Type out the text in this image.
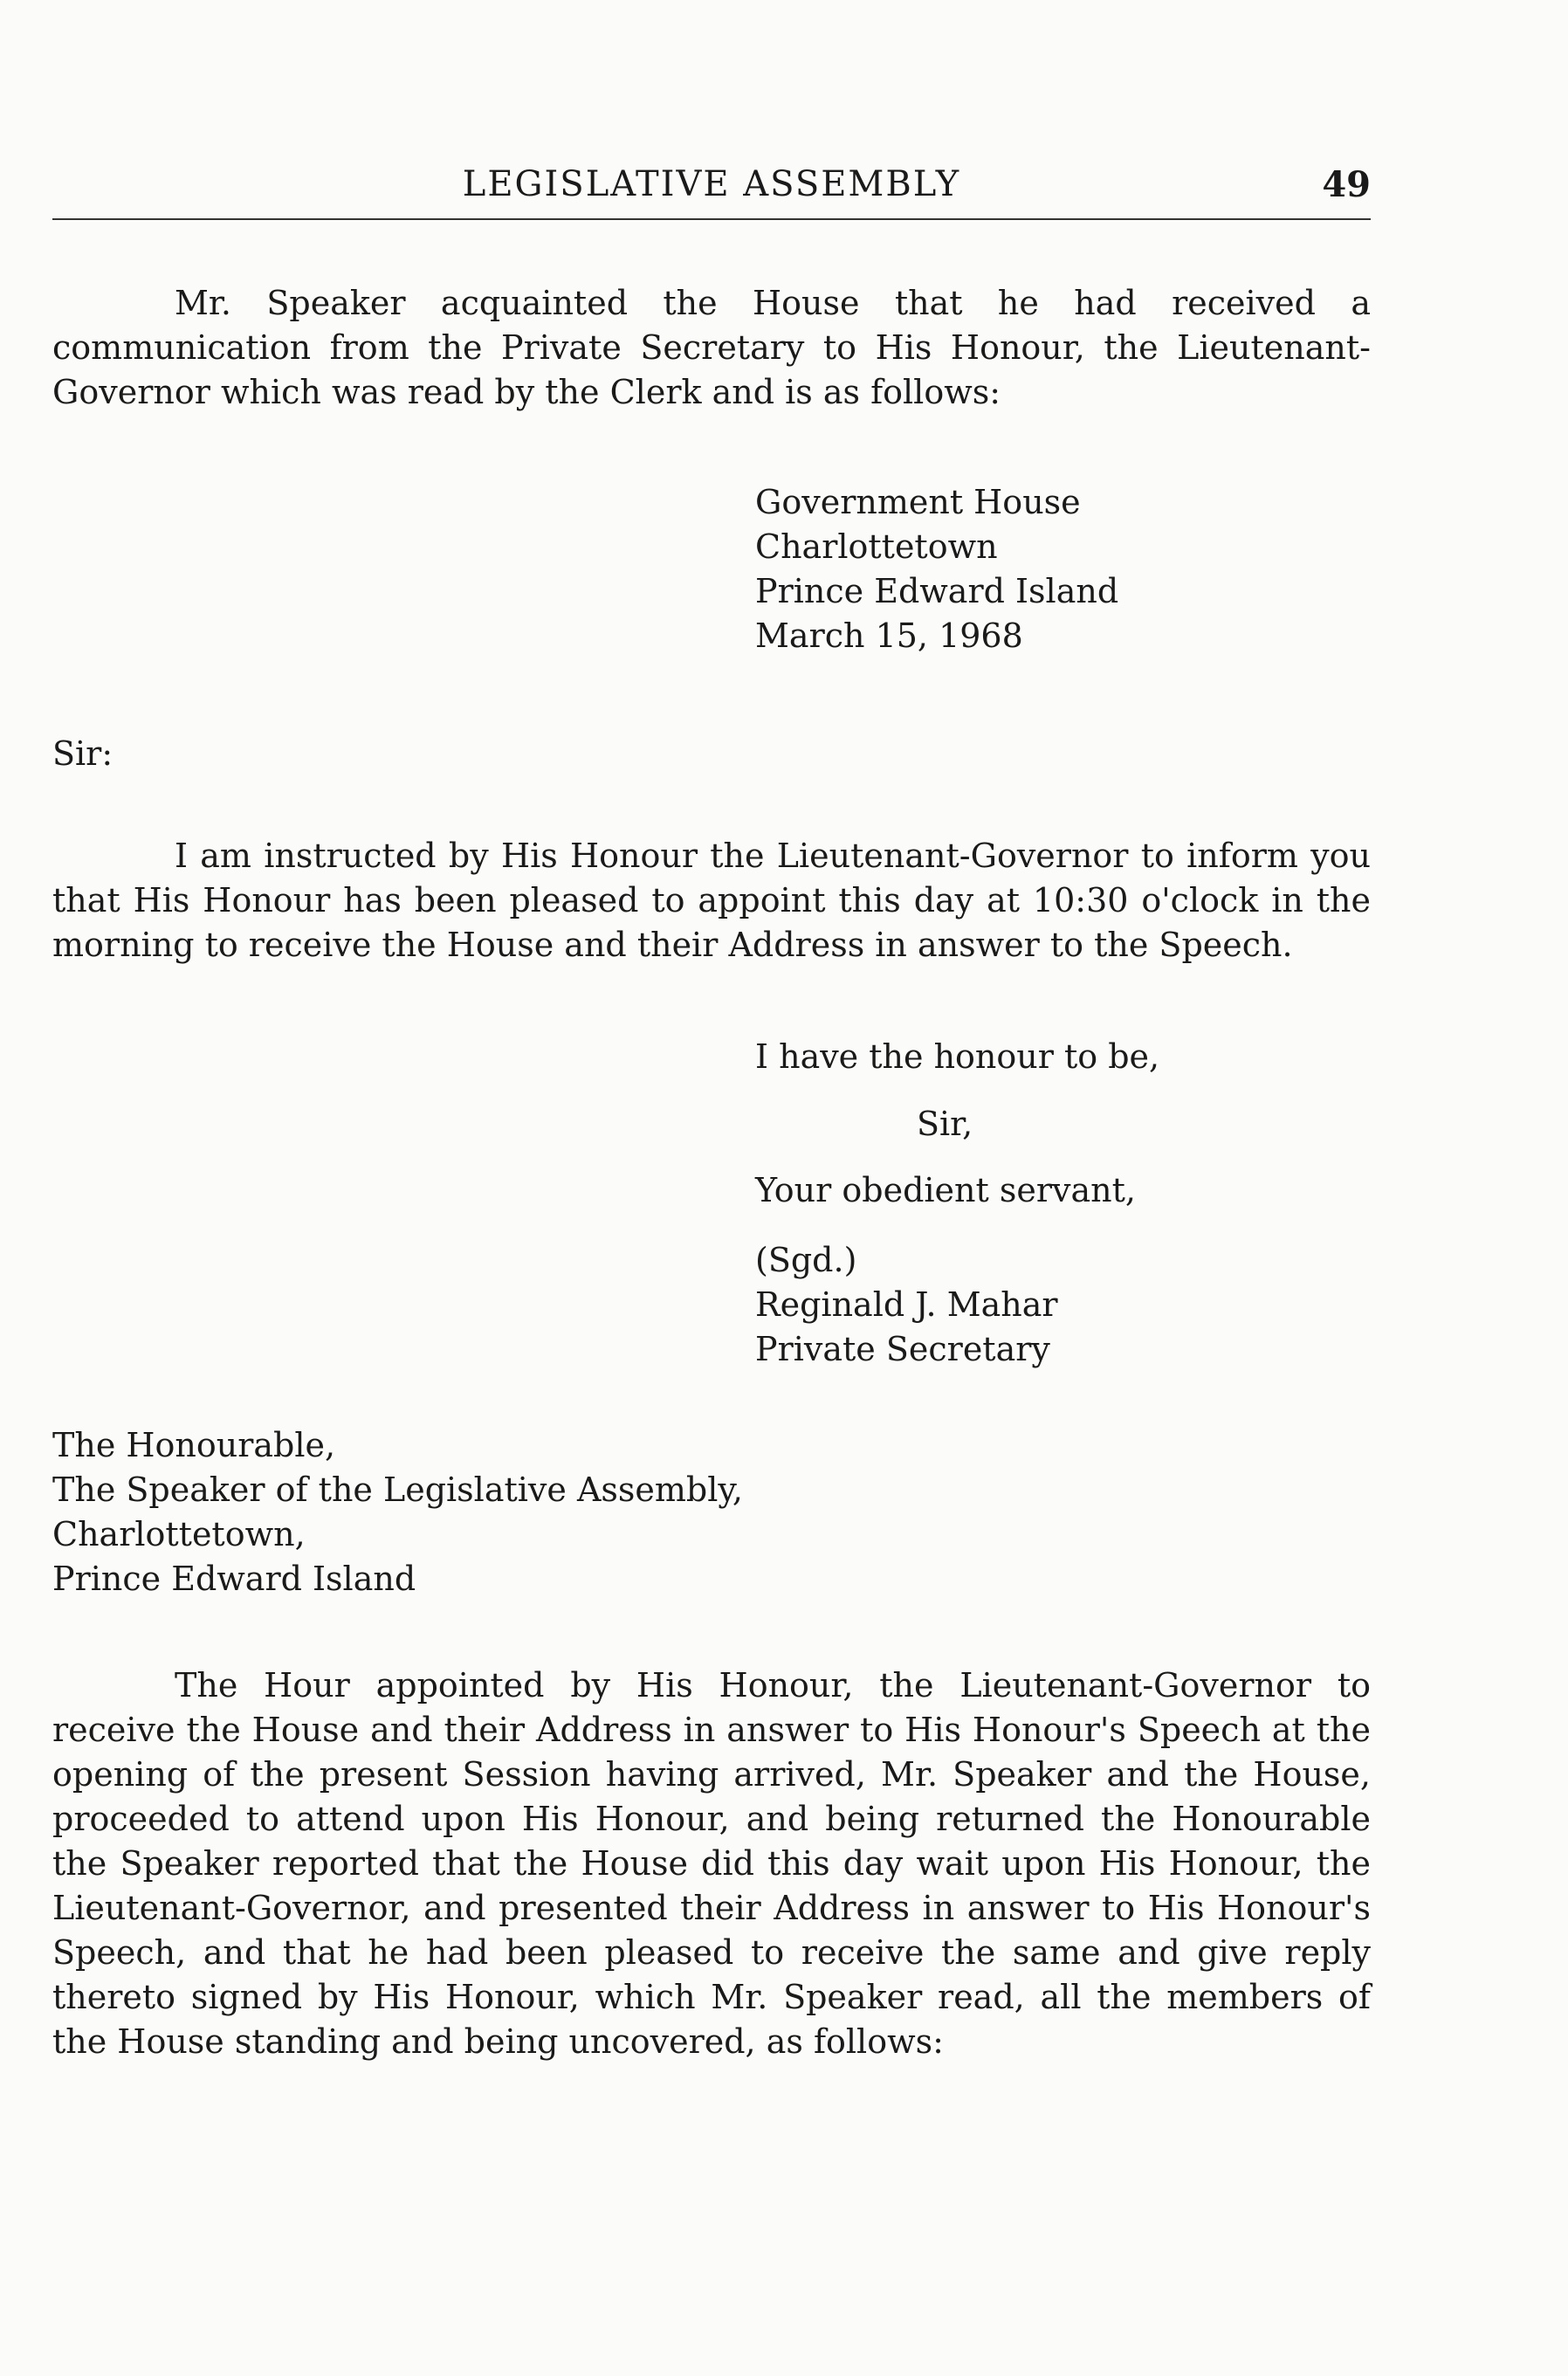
LEGISLATIVE ASSEMBLY	49

Mr. Speaker acquainted the House that he had received a communication from the Private Secretary to His Honour, the Lieutenant-Governor which was read by the Clerk and is as follows:

Government House
Charlottetown
Prince Edward Island
March 15, 1968
Sir:

I am instructed by His Honour the Lieutenant-Governor to inform you that His Honour has been pleased to appoint this day at 10:30 o'clock in the morning to receive the House and their Address in answer to the Speech.

I have the honour to be,
Sir,
Your obedient servant,
(Sgd.)
Reginald J. Mahar
Private Secretary
The Honourable,
The Speaker of the Legislative Assembly,
Charlottetown,
Prince Edward Island

The Hour appointed by His Honour, the Lieutenant-Governor to receive the House and their Address in answer to His Honour's Speech at the opening of the present Session having arrived, Mr. Speaker and the House, proceeded to attend upon His Honour, and being returned the Honourable the Speaker reported that the House did this day wait upon His Honour, the Lieutenant-Governor, and presented their Address in answer to His Honour's Speech, and that he had been pleased to receive the same and give reply thereto signed by His Honour, which Mr. Speaker read, all the members of the House standing and being uncovered, as follows:
